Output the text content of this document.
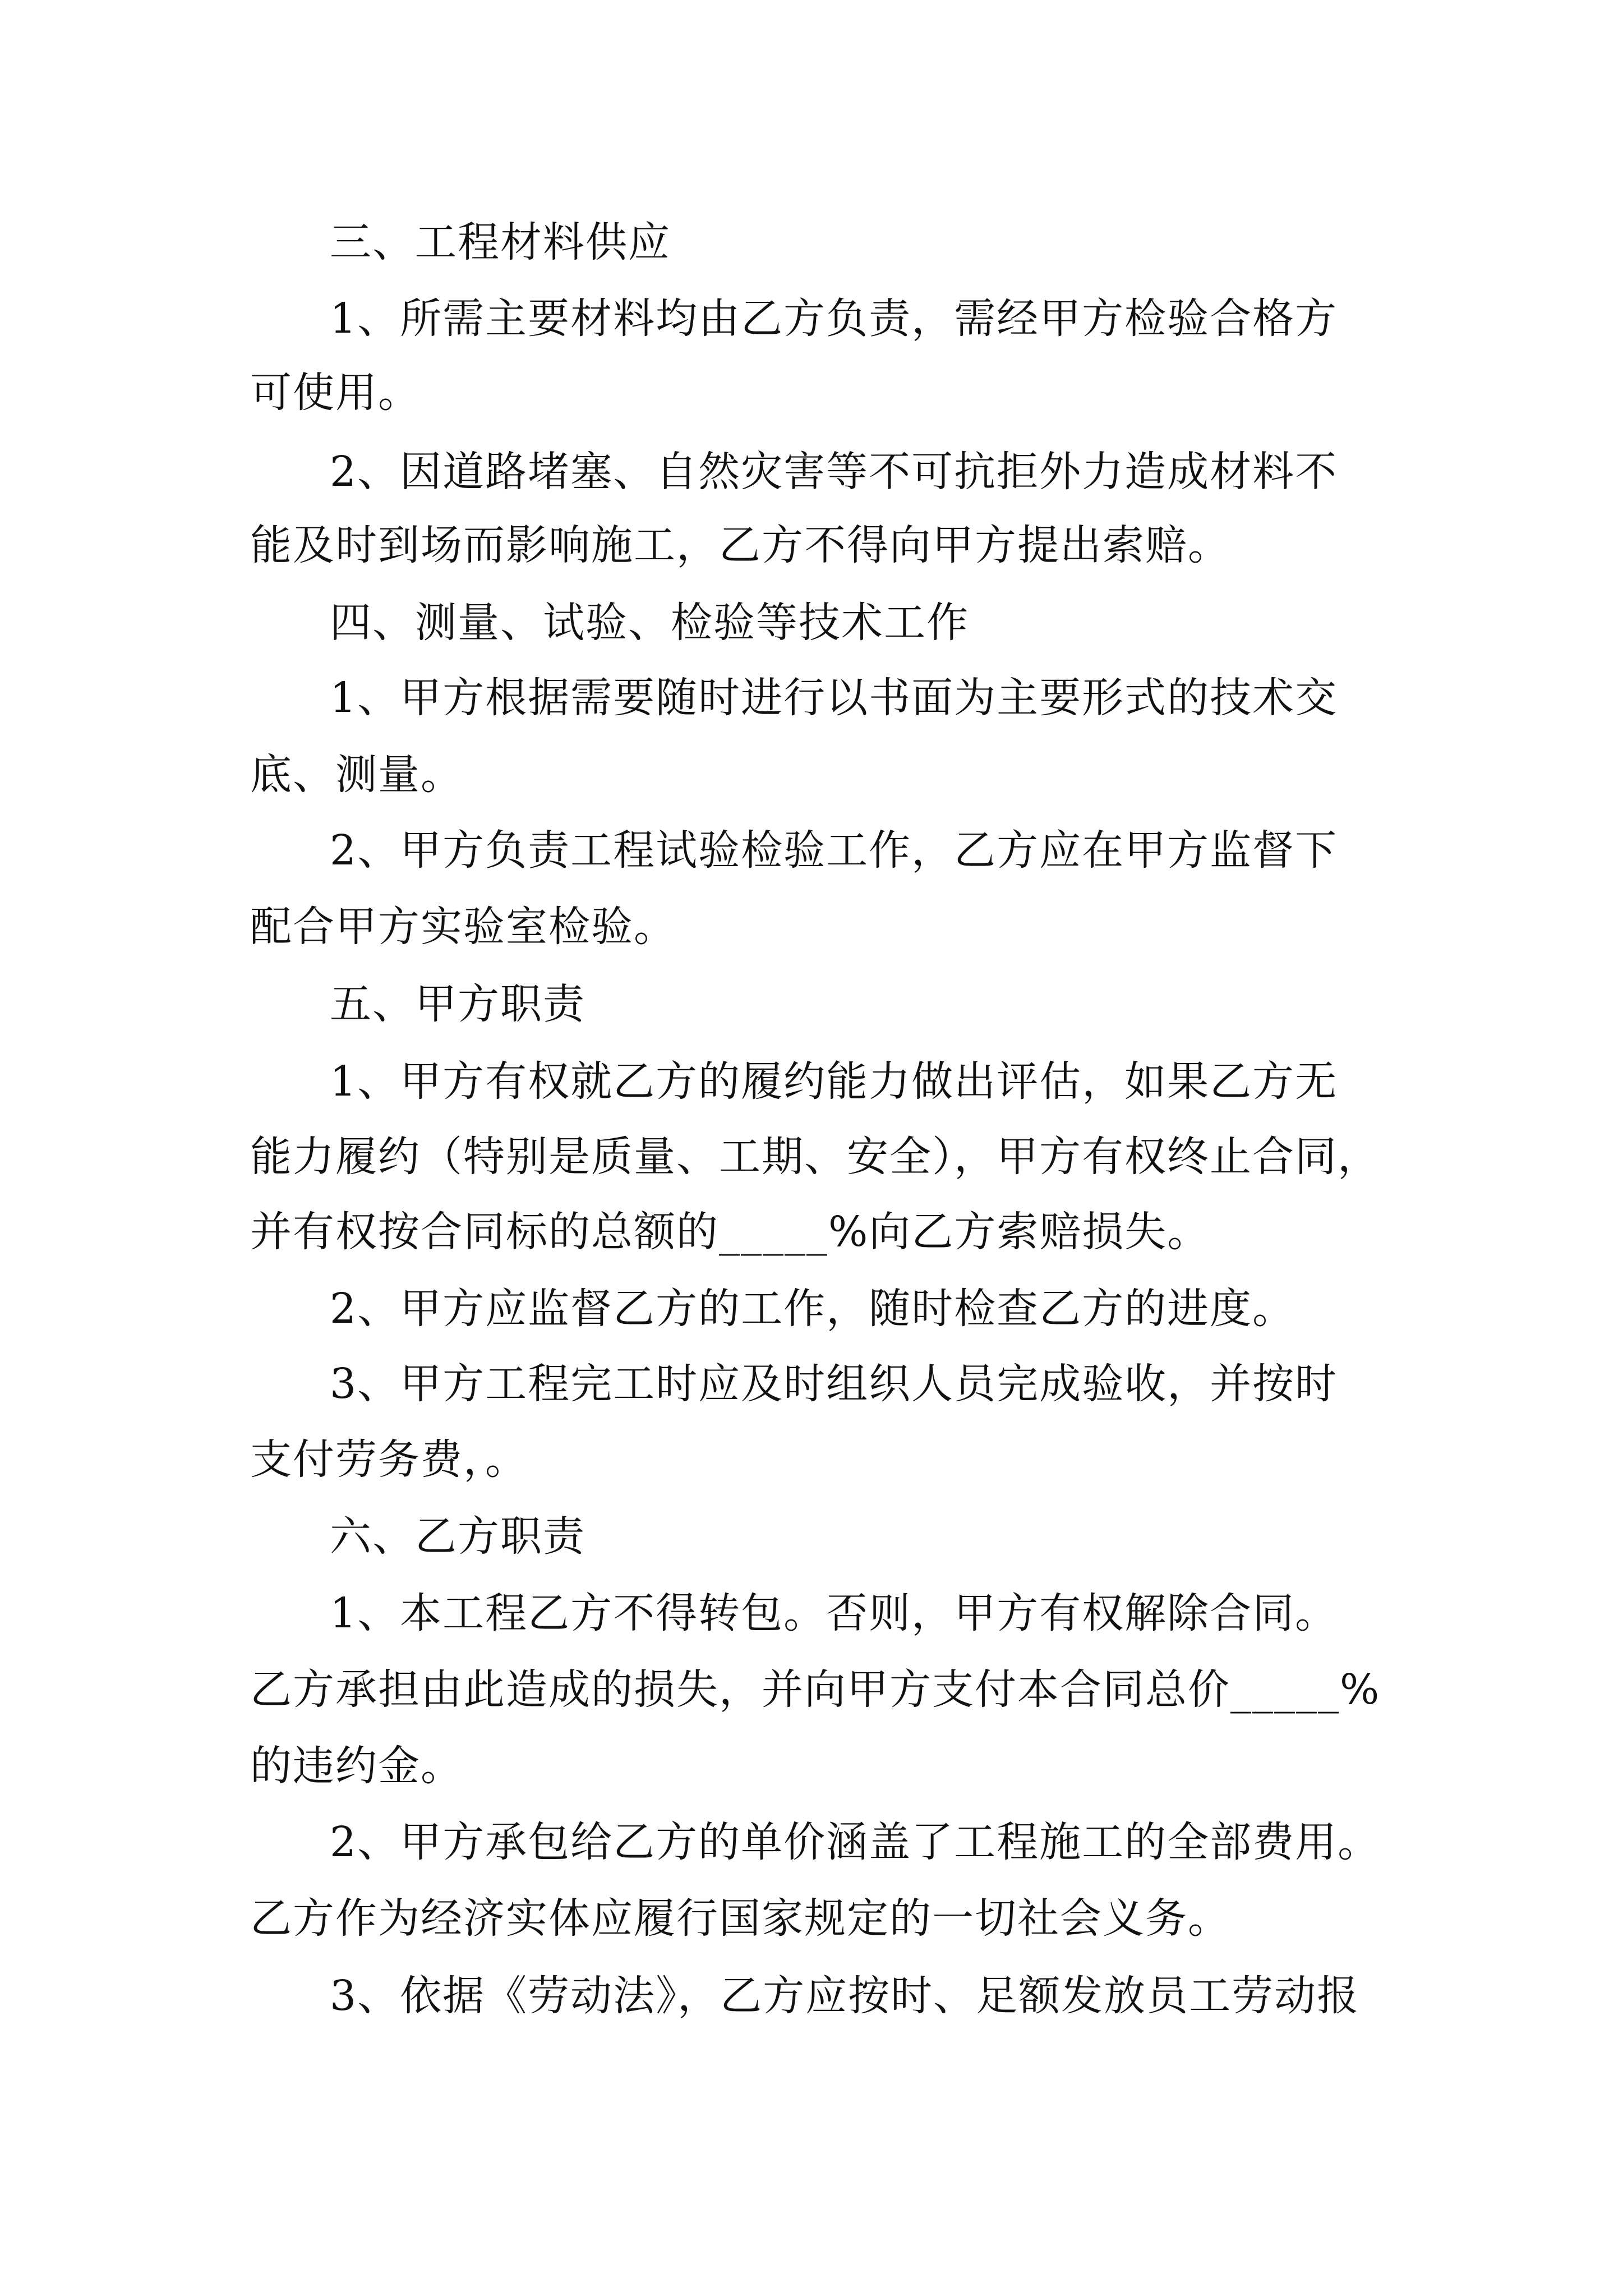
三、工程材料供应
1、所需主要材料均由乙方负责，需经甲方检验合格方
可使用。
2、因道路堵塞、自然灾害等不可抗拒外力造成材料不
能及时到场而影响施工，乙方不得向甲方提出索赔。
四、测量、试验、检验等技术工作
1、甲方根据需要随时进行以书面为主要形式的技术交
底、测量。
2、甲方负责工程试验检验工作，乙方应在甲方监督下
配合甲方实验室检验。
五、甲方职责
1、甲方有权就乙方的履约能力做出评估，如果乙方无
能力履约（特别是质量、工期、安全），甲方有权终止合同，
并有权按合同标的总额的_____%向乙方索赔损失。
2、甲方应监督乙方的工作，随时检查乙方的进度。
3、甲方工程完工时应及时组织人员完成验收，并按时
支付劳务费，。
六、乙方职责
1、本工程乙方不得转包。否则，甲方有权解除合同。
乙方承担由此造成的损失，并向甲方支付本合同总价_____%
的违约金。
2、甲方承包给乙方的单价涵盖了工程施工的全部费用。
乙方作为经济实体应履行国家规定的一切社会义务。
3、依据《劳动法》，乙方应按时、足额发放员工劳动报
